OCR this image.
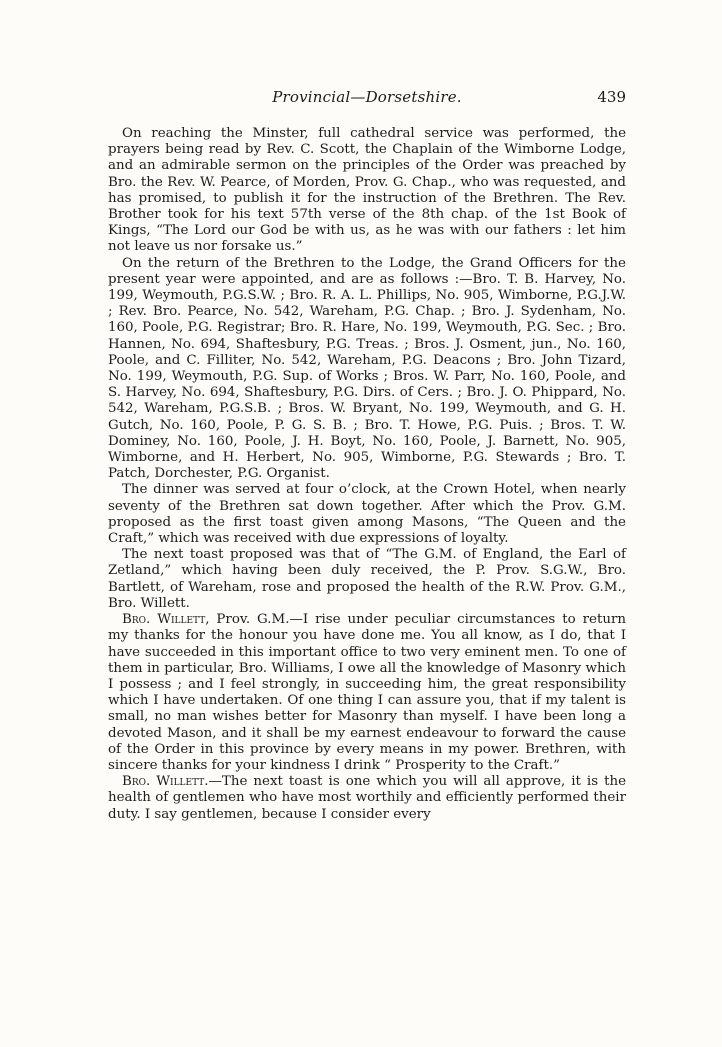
Provincial—Dorsetshire.	439

On reaching the Minster, full cathedral service was performed, the prayers being read by Rev. C. Scott, the Chaplain of the Wimborne Lodge, and an admirable sermon on the principles of the Order was preached by Bro. the Rev. W. Pearce, of Morden, Prov. G. Chap., who was requested, and has promised, to publish it for the instruction of the Brethren. The Rev. Brother took for his text 57th verse of the 8th chap. of the 1st Book of Kings, “The Lord our God be with us, as he was with our fathers : let him not leave us nor forsake us.”

On the return of the Brethren to the Lodge, the Grand Officers for the present year were appointed, and are as follows :—Bro. T. B. Harvey, No. 199, Weymouth, P.G.S.W. ; Bro. R. A. L. Phillips, No. 905, Wimborne, P.G.J.W. ; Rev. Bro. Pearce, No. 542, Wareham, P.G. Chap. ; Bro. J. Sydenham, No. 160, Poole, P.G. Registrar; Bro. R. Hare, No. 199, Weymouth, P.G. Sec. ; Bro. Hannen, No. 694, Shaftesbury, P.G. Treas. ; Bros. J. Osment, jun., No. 160, Poole, and C. Filliter, No. 542, Wareham, P.G. Deacons ; Bro. John Tizard, No. 199, Weymouth, P.G. Sup. of Works ; Bros. W. Parr, No. 160, Poole, and S. Harvey, No. 694, Shaftesbury, P.G. Dirs. of Cers. ; Bro. J. O. Phippard, No. 542, Wareham, P.G.S.B. ; Bros. W. Bryant, No. 199, Weymouth, and G. H. Gutch, No. 160, Poole, P. G. S. B. ; Bro. T. Howe, P.G. Puis. ; Bros. T. W. Dominey, No. 160, Poole, J. H. Boyt, No. 160, Poole, J. Barnett, No. 905, Wimborne, and H. Herbert, No. 905, Wimborne, P.G. Stewards ; Bro. T. Patch, Dorchester, P.G. Organist.

The dinner was served at four o’clock, at the Crown Hotel, when nearly seventy of the Brethren sat down together. After which the Prov. G.M. proposed as the first toast given among Masons, “The Queen and the Craft,” which was received with due expressions of loyalty.

The next toast proposed was that of “The G.M. of England, the Earl of Zetland,” which having been duly received, the P. Prov. S.G.W., Bro. Bartlett, of Wareham, rose and proposed the health of the R.W. Prov. G.M., Bro. Willett.

Bro. Willett, Prov. G.M.—I rise under peculiar circumstances to return my thanks for the honour you have done me. You all know, as I do, that I have succeeded in this important office to two very eminent men. To one of them in particular, Bro. Williams, I owe all the knowledge of Masonry which I possess ; and I feel strongly, in succeeding him, the great responsibility which I have undertaken. Of one thing I can assure you, that if my talent is small, no man wishes better for Masonry than myself. I have been long a devoted Mason, and it shall be my earnest endeavour to forward the cause of the Order in this province by every means in my power. Brethren, with sincere thanks for your kindness I drink “ Prosperity to the Craft.”

Bro. Willett.—The next toast is one which you will all approve, it is the health of gentlemen who have most worthily and efficiently performed their duty. I say gentlemen, because I consider every
